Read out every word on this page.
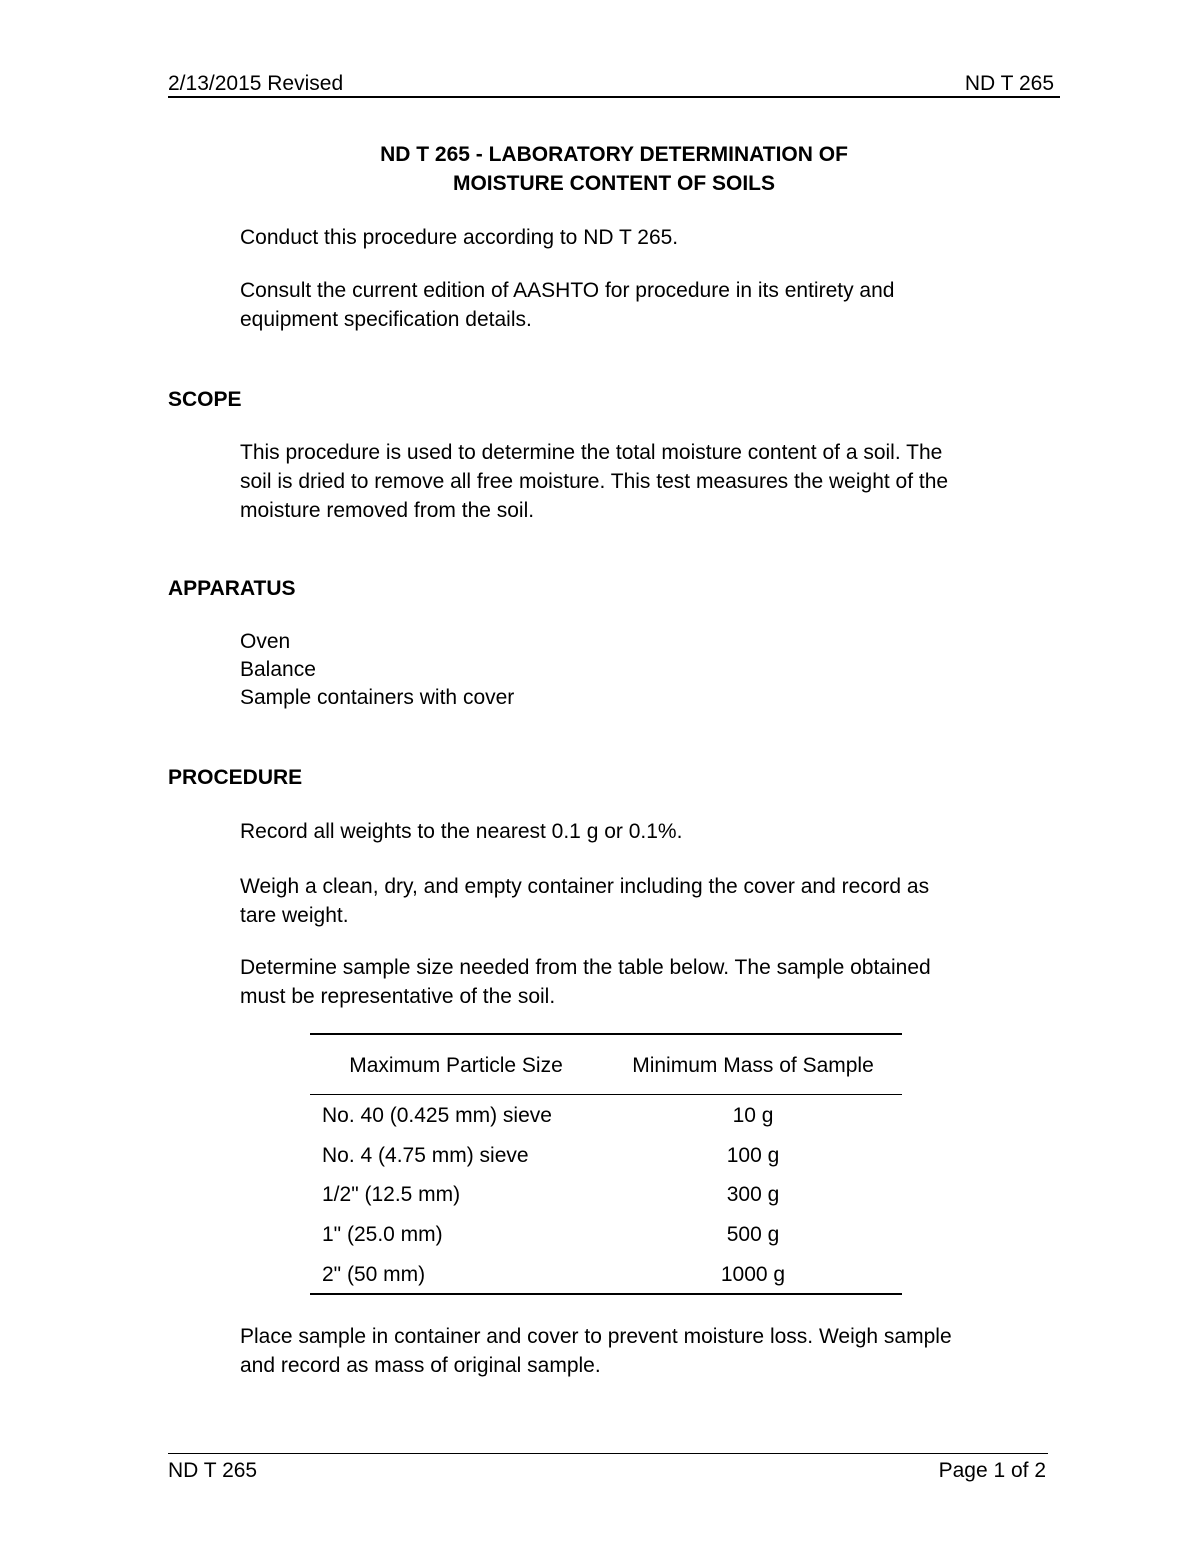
2/13/2015 Revised	ND T 265
ND T 265 - LABORATORY DETERMINATION OF
MOISTURE CONTENT OF SOILS
Conduct this procedure according to ND T 265.
Consult the current edition of AASHTO for procedure in its entirety and
equipment specification details.
SCOPE
This procedure is used to determine the total moisture content of a soil. The
soil is dried to remove all free moisture. This test measures the weight of the
moisture removed from the soil.
APPARATUS
Oven
Balance
Sample containers with cover
PROCEDURE
Record all weights to the nearest 0.1 g or 0.1%.
Weigh a clean, dry, and empty container including the cover and record as
tare weight.
Determine sample size needed from the table below. The sample obtained
must be representative of the soil.
Maximum Particle Size	Minimum Mass of Sample
No. 40 (0.425 mm) sieve	10 g
No. 4 (4.75 mm) sieve	100 g
1/2" (12.5 mm)	300 g
1" (25.0 mm)	500 g
2" (50 mm)	1000 g
Place sample in container and cover to prevent moisture loss. Weigh sample
and record as mass of original sample.
ND T 265	Page 1 of 2
